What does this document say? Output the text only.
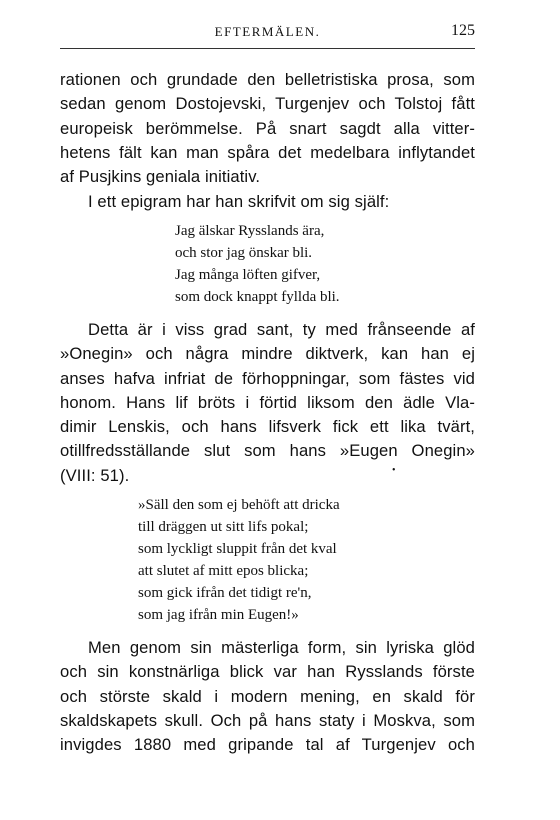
EFTERMÄLEN.	125
rationen och grundade den belletristiska prosa, som
sedan genom Dostojevski, Turgenjev och Tolstoj fått
europeisk berömmelse. På snart sagdt alla vitter-
hetens fält kan man spåra det medelbara inflytandet
af Pusjkins geniala initiativ.
I ett epigram har han skrifvit om sig själf:
Jag älskar Rysslands ära,
och stor jag önskar bli.
Jag många löften gifver,
som dock knappt fyllda bli.
Detta är i viss grad sant, ty med frånseende af
»Onegin» och några mindre diktverk, kan han ej
anses hafva infriat de förhoppningar, som fästes vid
honom. Hans lif bröts i förtid liksom den ädle Vla-
dimir Lenskis, och hans lifsverk fick ett lika tvärt,
otillfredsställande slut som hans »Eugen Onegin»
(VIII: 51).	•
»Säll den som ej behöft att dricka
till dräggen ut sitt lifs pokal;
som lyckligt sluppit från det kval
att slutet af mitt epos blicka;
som gick ifrån det tidigt re'n,
som jag ifrån min Eugen!»
Men genom sin mästerliga form, sin lyriska glöd
och sin konstnärliga blick var han Rysslands förste
och störste skald i modern mening, en skald för
skaldskapets skull. Och på hans staty i Moskva, som
invigdes 1880 med gripande tal af Turgenjev och
